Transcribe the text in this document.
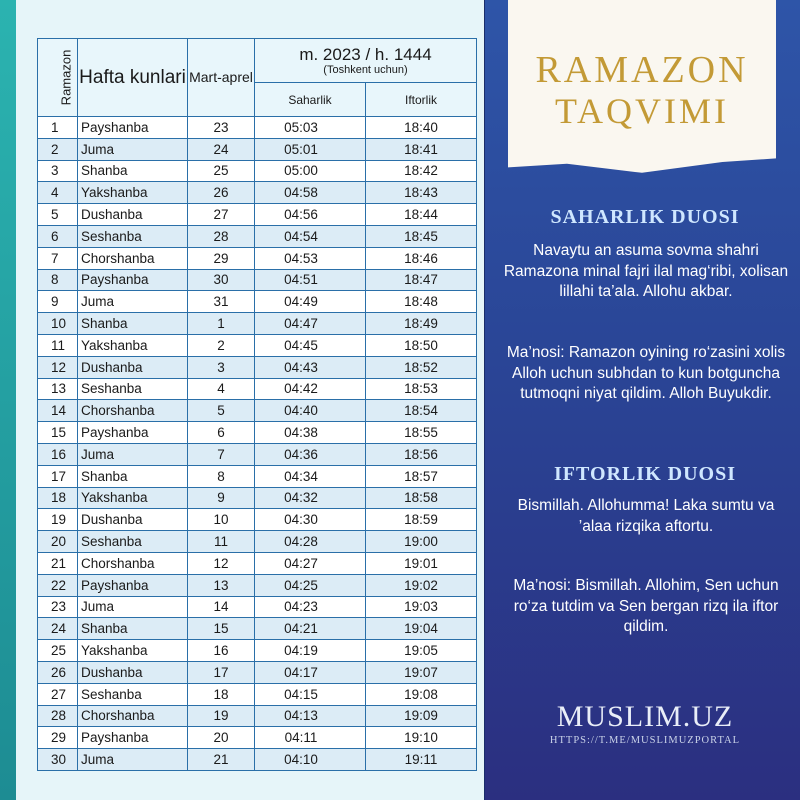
Ramazon	Hafta kunlari	Mart-aprel	m. 2023 / h. 1444
(Toshkent uchun)	

			Saharlik	Iftorlik
1	Payshanba	23	05:03	18:40
2	Juma	24	05:01	18:41
3	Shanba	25	05:00	18:42
4	Yakshanba	26	04:58	18:43
5	Dushanba	27	04:56	18:44
6	Seshanba	28	04:54	18:45
7	Chorshanba	29	04:53	18:46
8	Payshanba	30	04:51	18:47
9	Juma	31	04:49	18:48
10	Shanba	1	04:47	18:49
11	Yakshanba	2	04:45	18:50
12	Dushanba	3	04:43	18:52
13	Seshanba	4	04:42	18:53
14	Chorshanba	5	04:40	18:54
15	Payshanba	6	04:38	18:55
16	Juma	7	04:36	18:56
17	Shanba	8	04:34	18:57
18	Yakshanba	9	04:32	18:58
19	Dushanba	10	04:30	18:59
20	Seshanba	11	04:28	19:00
21	Chorshanba	12	04:27	19:01
22	Payshanba	13	04:25	19:02
23	Juma	14	04:23	19:03
24	Shanba	15	04:21	19:04
25	Yakshanba	16	04:19	19:05
26	Dushanba	17	04:17	19:07
27	Seshanba	18	04:15	19:08
28	Chorshanba	19	04:13	19:09
29	Payshanba	20	04:11	19:10
30	Juma	21	04:10	19:11
RAMAZON
TAQVIMI
SAHARLIK DUOSI
Navaytu an asuma sovma shahri Ramazona minal fajri ilal mag‘ribi, xolisan lillahi ta’ala. Allohu akbar.
Ma’nosi: Ramazon oyining ro‘zasini xolis Alloh uchun subhdan to kun botguncha tutmoqni niyat qildim. Alloh Buyukdir.
IFTORLIK DUOSI
Bismillah. Allohumma! Laka sumtu va ’alaa rizqika aftortu.
Ma’nosi: Bismillah. Allohim, Sen uchun ro‘za tutdim va Sen bergan rizq ila iftor qildim.
MUSLIM.UZ
HTTPS://T.ME/MUSLIMUZPORTAL
